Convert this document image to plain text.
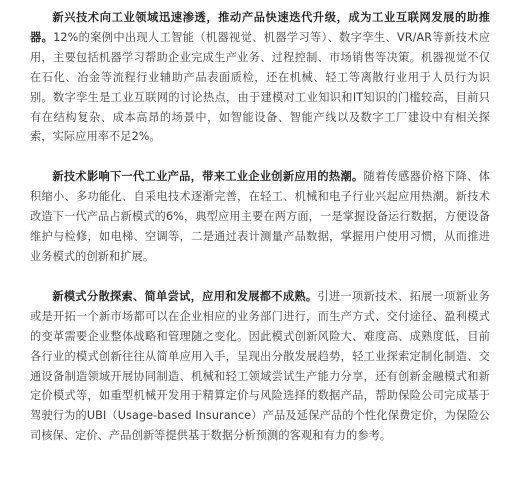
新兴技术向工业领域迅速渗透，推动产品快速迭代升级，成为工业互联网发展的助推器。12%的案例中出现人工智能（机器视觉、机器学习等）、数字孪生、VR/AR等新技术应用，主要包括机器学习帮助企业完成生产业务、过程控制、市场销售等决策。机器视觉不仅在石化、冶金等流程行业辅助产品表面质检，还在机械、轻工等离散行业用于人员行为识别。数字孪生是工业互联网的讨论热点，由于建模对工业知识和IT知识的门槛较高，目前只有在结构复杂、成本高昂的场景中，如智能设备、智能产线以及数字工厂建设中有相关探索，实际应用率不足2%。

新技术影响下一代工业产品，带来工业企业创新应用的热潮。随着传感器价格下降、体积缩小、多功能化、自采电技术逐渐完善，在轻工、机械和电子行业兴起应用热潮。新技术改造下一代产品占新模式的6%，典型应用主要在两方面，一是掌握设备运行数据，方便设备维护与检修，如电梯、空调等，二是通过表计测量产品数据，掌握用户使用习惯，从而推进业务模式的创新和扩展。

新模式分散探索、简单尝试，应用和发展都不成熟。引进一项新技术、拓展一项新业务或是开拓一个新市场都可以在企业相应的业务部门进行，而生产方式、交付途径、盈利模式的变革需要企业整体战略和管理随之变化。因此模式创新风险大、难度高、成熟度低，目前各行业的模式创新往往从简单应用入手，呈现出分散发展趋势，轻工业探索定制化制造、交通设备制造领域开展协同制造、机械和轻工领域尝试生产能力分享，还有创新金融模式和新定价模式等，如重型机械开发用于精算定价与风险选择的数据产品，帮助保险公司完成基于驾驶行为的UBI（Usage-based Insurance）产品及延保产品的个性化保费定价，为保险公司核保、定价、产品创新等提供基于数据分析预测的客观和有力的参考。
